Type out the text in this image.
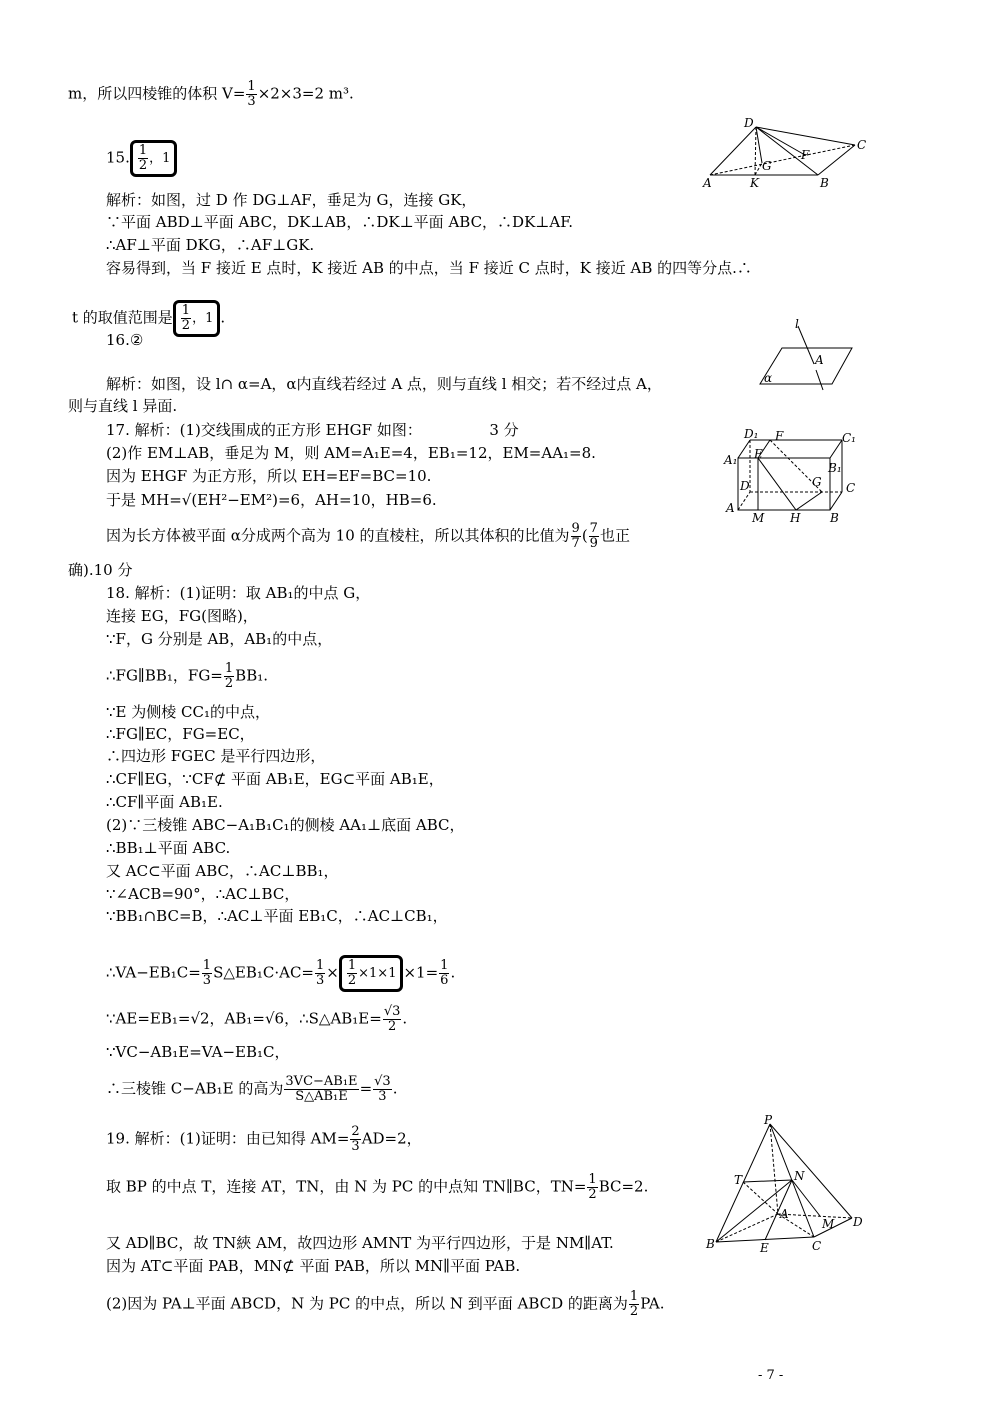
m，所以四棱锥的体积 $V= \frac{1}{3} \times 2\times 3=2$ m³.
15. $\frac{1}{2}$ ，1
解析：如图，过 D 作 DG⊥AF，垂足为 G，连接 GK，
∵平面 ABD⊥平面 ABC，DK⊥AB，∴DK⊥平面 ABC，∴DK⊥AF.
∴AF⊥平面 DKG，∴AF⊥GK.
容易得到，当 F 接近 E 点时，K 接近 AB 的中点，当 F 接近 C 点时，K 接近 AB 的四等分点.∴
t 的取值范围是 $\frac{1}{2}$ ，1 .
16.②
解析：如图，设 l∩ α=A，α内直线若经过 A 点，则与直线 l 相交；若不经过点 A，
则与直线 l 异面.
17. 解析：(1)交线围成的正方形 EHGF 如图：　　　　　3 分
(2)作 EM⊥AB，垂足为 M，则 AM=A₁E=4，EB₁=12，EM=AA₁=8.
因为 EHGF 为正方形，所以 EH=EF=BC=10.
于是 MH=√(EH²−EM²)=6，AH=10，HB=6.
因为长方体被平面 α分成两个高为 10 的直棱柱，所以其体积的比值为 $\frac{9}{7}$ ( $\frac{7}{9}$ 也正
确).10 分
18. 解析：(1)证明：取 AB₁的中点 G，
连接 EG，FG(图略)，
∵F，G 分别是 AB，AB₁的中点，
∴FG∥BB₁，$FG= \frac{1}{2} BB_1$.
∵E 为侧棱 CC₁的中点，
∴FG∥EC，FG=EC，
∴四边形 FGEC 是平行四边形，
∴CF∥EG，∵CF⊄ 平面 AB₁E，EG⊂平面 AB₁E，
∴CF∥平面 AB₁E.
(2)∵三棱锥 ABC−A₁B₁C₁的侧棱 AA₁⊥底面 ABC，
∴BB₁⊥平面 ABC.
又 AC⊂平面 ABC，∴AC⊥BB₁，
∵∠ACB=90°，∴AC⊥BC，
∵BB₁∩BC=B，∴AC⊥平面 EB₁C，∴AC⊥CB₁，
∴VA−EB₁C= $\frac{1}{3}$ S△EB₁C·AC= $\frac{1}{3} \times \frac{1}{2} \times 1\times 1 \times 1= \frac{1}{6}$ .
∵AE=EB₁=√2，AB₁=√6，∴S△AB₁E= $\frac{√3}{2}$ .
∵VC−AB₁E=VA−EB₁C，
∴三棱锥 C−AB₁E 的高为 $\frac{\text{3VC−AB₁E}}{\text{S△AB₁E}} = \frac{√3}{3}$ .
19. 解析：(1)证明：由已知得 $AM= \frac{2}{3} AD=2$，
取 BP 的中点 T，连接 AT，TN，由 N 为 PC 的中点知 TN∥BC，$TN= \frac{1}{2} BC=2$.
又 AD∥BC，故 TN綊 AM，故四边形 AMNT 为平行四边形，于是 NM∥AT.
因为 AT⊂平面 PAB，MN⊄ 平面 PAB，所以 MN∥平面 PAB.
(2)因为 PA⊥平面 ABCD，N 为 PC 的中点，所以 N 到平面 ABCD 的距离为 $\frac{1}{2}$ PA.
D
C
G
F
A	K	B
l
A
α
D₁ F	C₁
A₁ E
B₁
D	G C
A
M H B
P
T	N
A
M D
B	E	C
- 7 -
